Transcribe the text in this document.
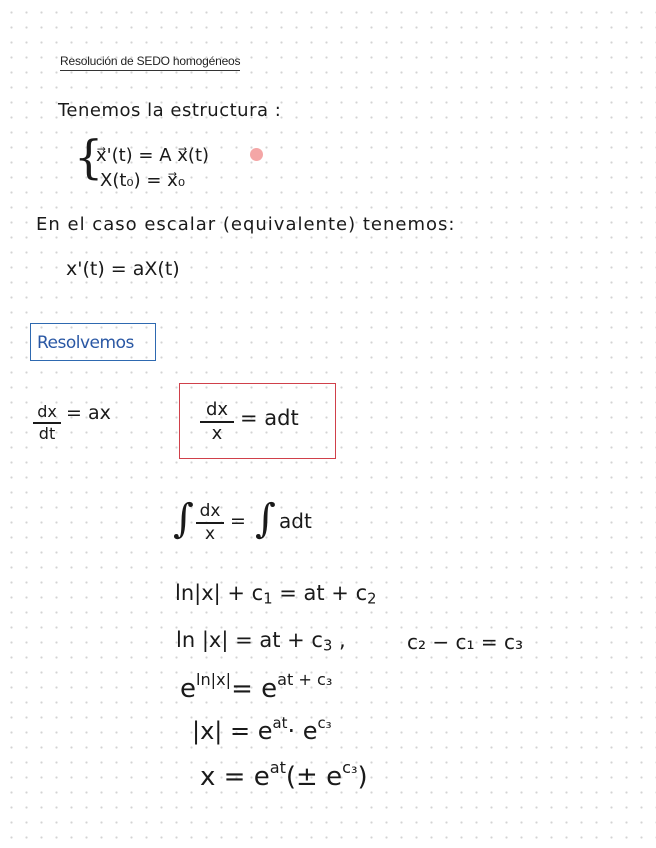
Resolución de SEDO homogéneos
Tenemos la estructura :
{
x⃗'(t) = A x⃗(t)
X(t₀) = x⃗₀
En el caso escalar (equivalente) tenemos:
x'(t) = aX(t)
Resolvemos
dx
dt
= ax	dx
x
= adt
∫ dx
x
= ∫ adt
$\ln|x| + c_1$ = at + $c_2$
ln |x| = at + $c_3$ ,	c₂ − c₁ = c₃
$e^{ln|x|}= e^{at + c_3}$
$|x| = e^{at}\cdot e^{c_3}$
$x = e^{at}(\pm e^{c_3})$
